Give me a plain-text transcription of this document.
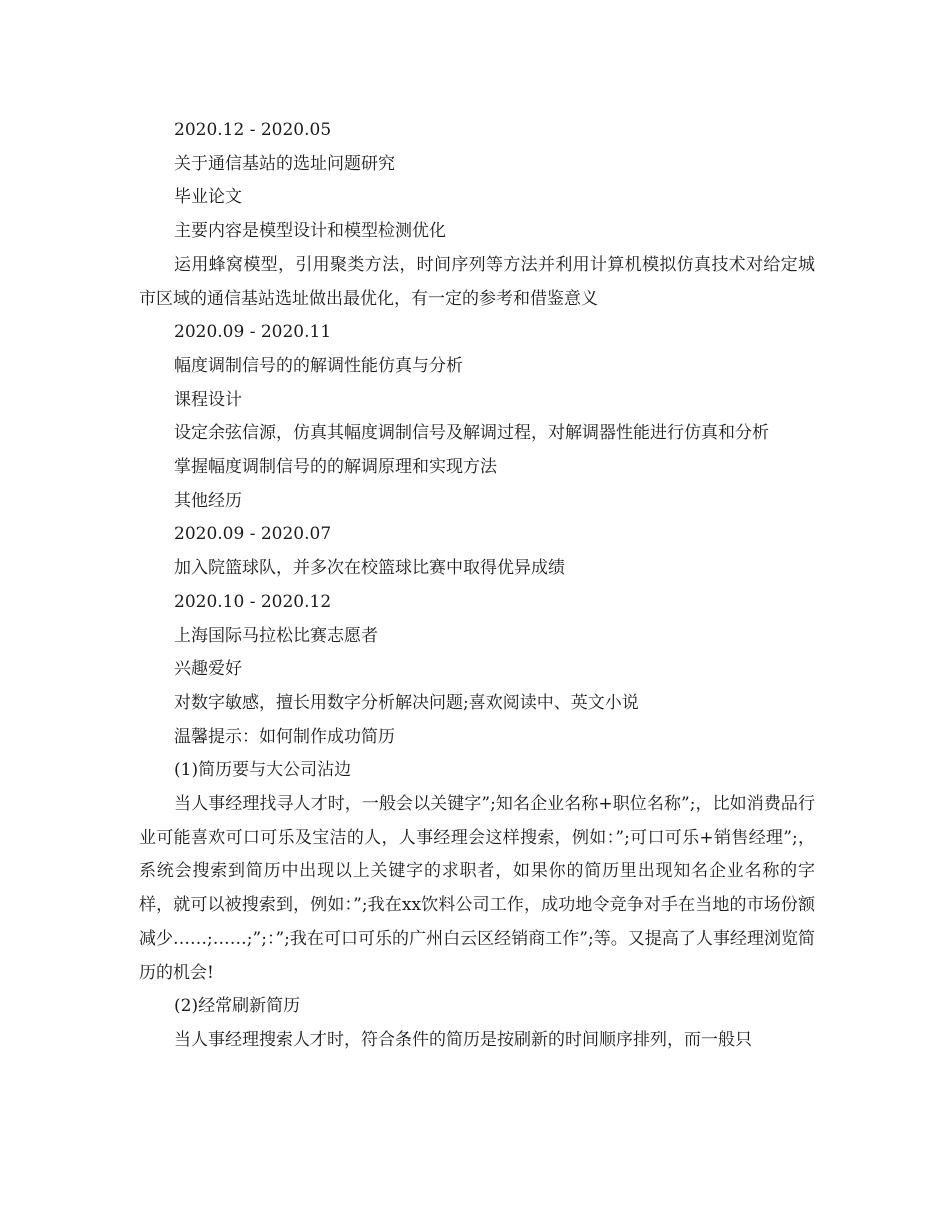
2020.12 - 2020.05

关于通信基站的选址问题研究

毕业论文

主要内容是模型设计和模型检测优化

运用蜂窝模型，引用聚类方法，时间序列等方法并利用计算机模拟仿真技术对给定城市区域的通信基站选址做出最优化，有一定的参考和借鉴意义

2020.09 - 2020.11

幅度调制信号的的解调性能仿真与分析

课程设计

设定余弦信源，仿真其幅度调制信号及解调过程，对解调器性能进行仿真和分析

掌握幅度调制信号的的解调原理和实现方法

其他经历

2020.09 - 2020.07

加入院篮球队，并多次在校篮球比赛中取得优异成绩

2020.10 - 2020.12

上海国际马拉松比赛志愿者

兴趣爱好

对数字敏感，擅长用数字分析解决问题;喜欢阅读中、英文小说

温馨提示：如何制作成功简历

(1)简历要与大公司沾边

当人事经理找寻人才时，一般会以关键字”;知名企业名称+职位名称”;，比如消费品行业可能喜欢可口可乐及宝洁的人，人事经理会这样搜索，例如：”;可口可乐+销售经理”;，系统会搜索到简历中出现以上关键字的求职者，如果你的简历里出现知名企业名称的字样，就可以被搜索到，例如：”;我在xx饮料公司工作，成功地令竞争对手在当地的市场份额减少……;……;”;：”;我在可口可乐的广州白云区经销商工作”;等。又提高了人事经理浏览简历的机会!

(2)经常刷新简历

当人事经理搜索人才时，符合条件的简历是按刷新的时间顺序排列，而一般只
